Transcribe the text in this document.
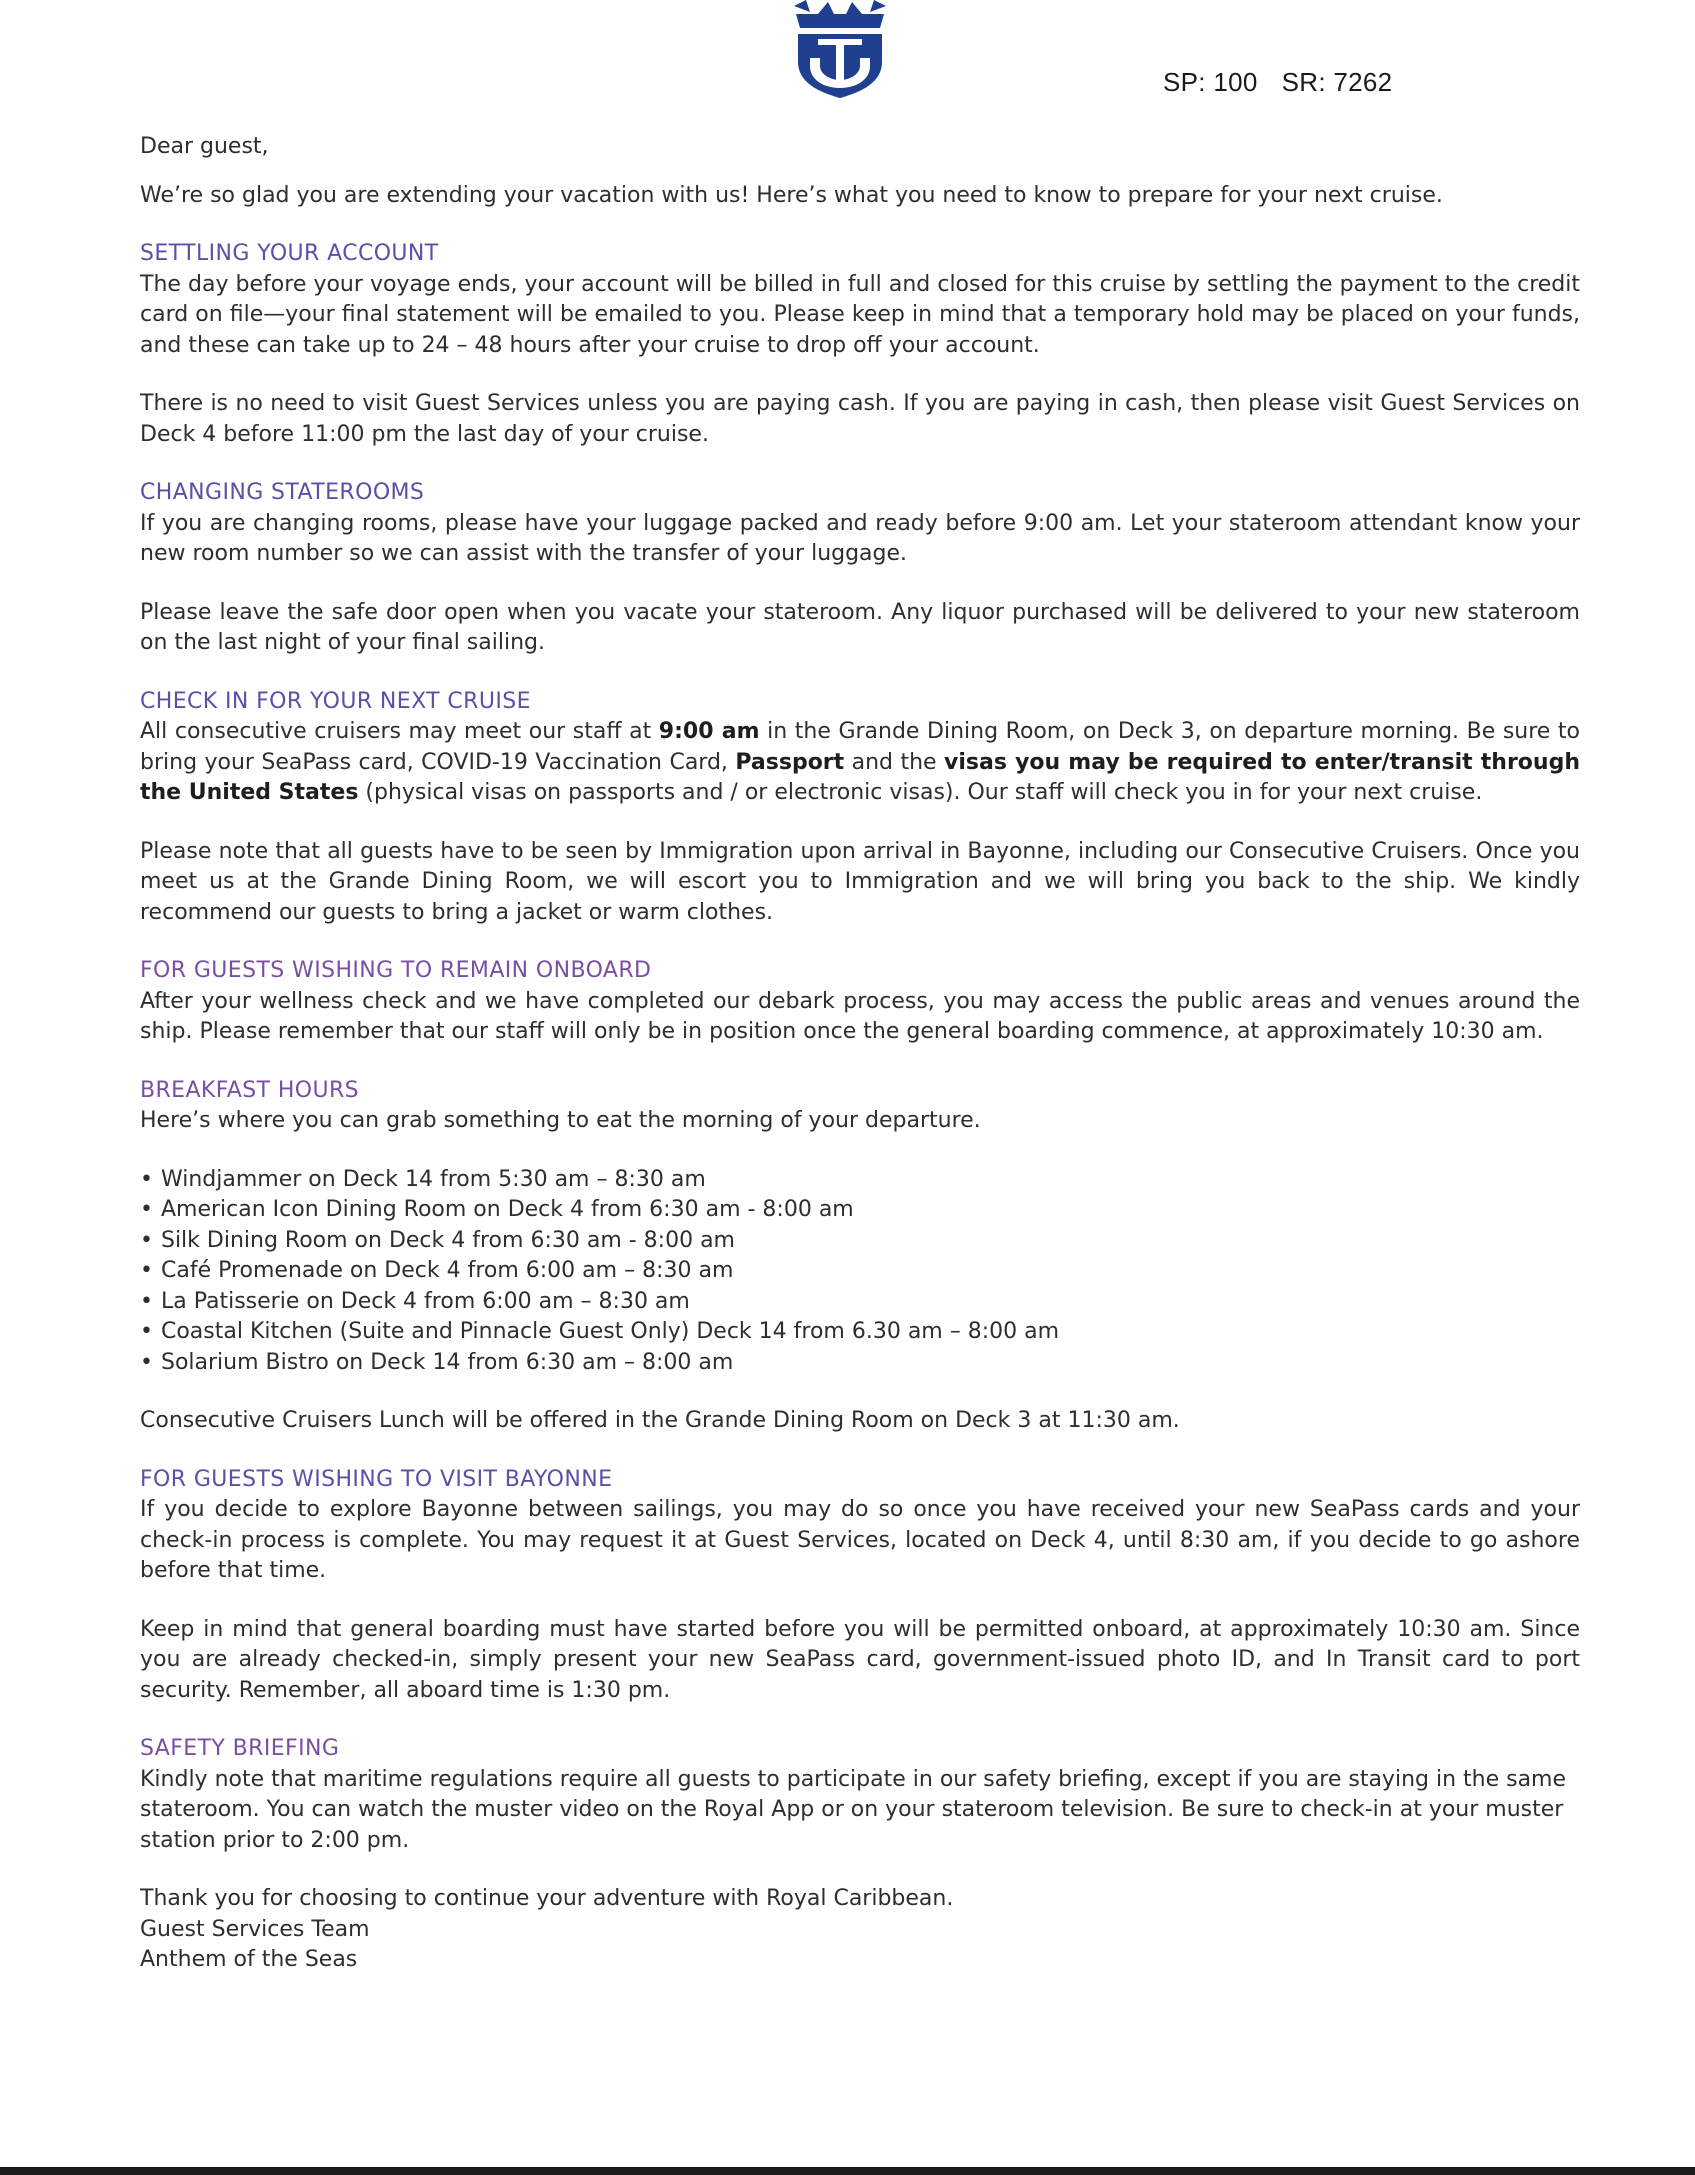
SP: 100 SR: 7262

Dear guest,

We’re so glad you are extending your vacation with us! Here’s what you need to know to prepare for your next cruise.

SETTLING YOUR ACCOUNT

The day before your voyage ends, your account will be billed in full and closed for this cruise by settling the payment to the credit card on file—your final statement will be emailed to you. Please keep in mind that a temporary hold may be placed on your funds, and these can take up to 24 – 48 hours after your cruise to drop off your account.

There is no need to visit Guest Services unless you are paying cash. If you are paying in cash, then please visit Guest Services on Deck 4 before 11:00 pm the last day of your cruise.

CHANGING STATEROOMS

If you are changing rooms, please have your luggage packed and ready before 9:00 am. Let your stateroom attendant know your new room number so we can assist with the transfer of your luggage.

Please leave the safe door open when you vacate your stateroom. Any liquor purchased will be delivered to your new stateroom on the last night of your final sailing.

CHECK IN FOR YOUR NEXT CRUISE

All consecutive cruisers may meet our staff at 9:00 am in the Grande Dining Room, on Deck 3, on departure morning. Be sure to bring your SeaPass card, COVID-19 Vaccination Card, Passport and the visas you may be required to enter/transit through the United States (physical visas on passports and / or electronic visas). Our staff will check you in for your next cruise.

Please note that all guests have to be seen by Immigration upon arrival in Bayonne, including our Consecutive Cruisers. Once you meet us at the Grande Dining Room, we will escort you to Immigration and we will bring you back to the ship. We kindly recommend our guests to bring a jacket or warm clothes.

FOR GUESTS WISHING TO REMAIN ONBOARD

After your wellness check and we have completed our debark process, you may access the public areas and venues around the ship. Please remember that our staff will only be in position once the general boarding commence, at approximately 10:30 am.

BREAKFAST HOURS

Here’s where you can grab something to eat the morning of your departure.

• Windjammer on Deck 14 from 5:30 am – 8:30 am
• American Icon Dining Room on Deck 4 from 6:30 am - 8:00 am
• Silk Dining Room on Deck 4 from 6:30 am - 8:00 am
• Café Promenade on Deck 4 from 6:00 am – 8:30 am
• La Patisserie on Deck 4 from 6:00 am – 8:30 am
• Coastal Kitchen (Suite and Pinnacle Guest Only) Deck 14 from 6.30 am – 8:00 am
• Solarium Bistro on Deck 14 from 6:30 am – 8:00 am

Consecutive Cruisers Lunch will be offered in the Grande Dining Room on Deck 3 at 11:30 am.

FOR GUESTS WISHING TO VISIT BAYONNE

If you decide to explore Bayonne between sailings, you may do so once you have received your new SeaPass cards and your check-in process is complete. You may request it at Guest Services, located on Deck 4, until 8:30 am, if you decide to go ashore before that time.

Keep in mind that general boarding must have started before you will be permitted onboard, at approximately 10:30 am. Since you are already checked-in, simply present your new SeaPass card, government-issued photo ID, and In Transit card to port security. Remember, all aboard time is 1:30 pm.

SAFETY BRIEFING

Kindly note that maritime regulations require all guests to participate in our safety briefing, except if you are staying in the same stateroom. You can watch the muster video on the Royal App or on your stateroom television. Be sure to check-in at your muster station prior to 2:00 pm.

Thank you for choosing to continue your adventure with Royal Caribbean.

Guest Services Team

Anthem of the Seas
